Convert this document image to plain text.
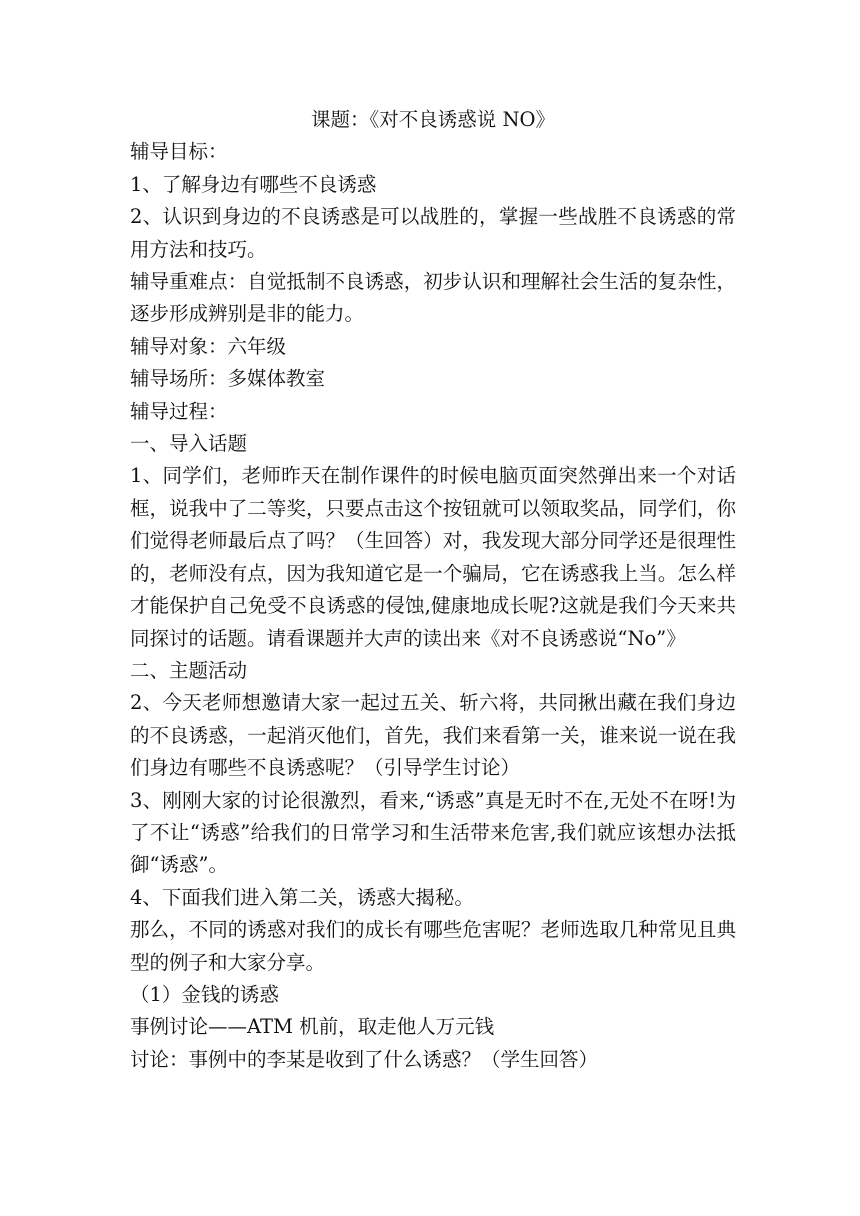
课题：《对不良诱惑说 NO》

辅导目标：

1、了解身边有哪些不良诱惑

2、认识到身边的不良诱惑是可以战胜的，掌握一些战胜不良诱惑的常用方法和技巧。

辅导重难点：自觉抵制不良诱惑，初步认识和理解社会生活的复杂性，逐步形成辨别是非的能力。

辅导对象：六年级

辅导场所：多媒体教室

辅导过程：

一、导入话题

1、同学们，老师昨天在制作课件的时候电脑页面突然弹出来一个对话框，说我中了二等奖，只要点击这个按钮就可以领取奖品，同学们，你们觉得老师最后点了吗？（生回答）对，我发现大部分同学还是很理性的，老师没有点，因为我知道它是一个骗局，它在诱惑我上当。怎么样才能保护自己免受不良诱惑的侵蚀,健康地成长呢?这就是我们今天来共同探讨的话题。请看课题并大声的读出来《对不良诱惑说“No”》

二、主题活动

2、今天老师想邀请大家一起过五关、斩六将，共同揪出藏在我们身边的不良诱惑，一起消灭他们，首先，我们来看第一关，谁来说一说在我们身边有哪些不良诱惑呢？（引导学生讨论）

3、刚刚大家的讨论很激烈，看来,“诱惑”真是无时不在,无处不在呀!为了不让“诱惑”给我们的日常学习和生活带来危害,我们就应该想办法抵御“诱惑”。

4、下面我们进入第二关，诱惑大揭秘。

那么，不同的诱惑对我们的成长有哪些危害呢？老师选取几种常见且典型的例子和大家分享。

（1）金钱的诱惑

事例讨论——ATM 机前，取走他人万元钱

讨论：事例中的李某是收到了什么诱惑？（学生回答）
